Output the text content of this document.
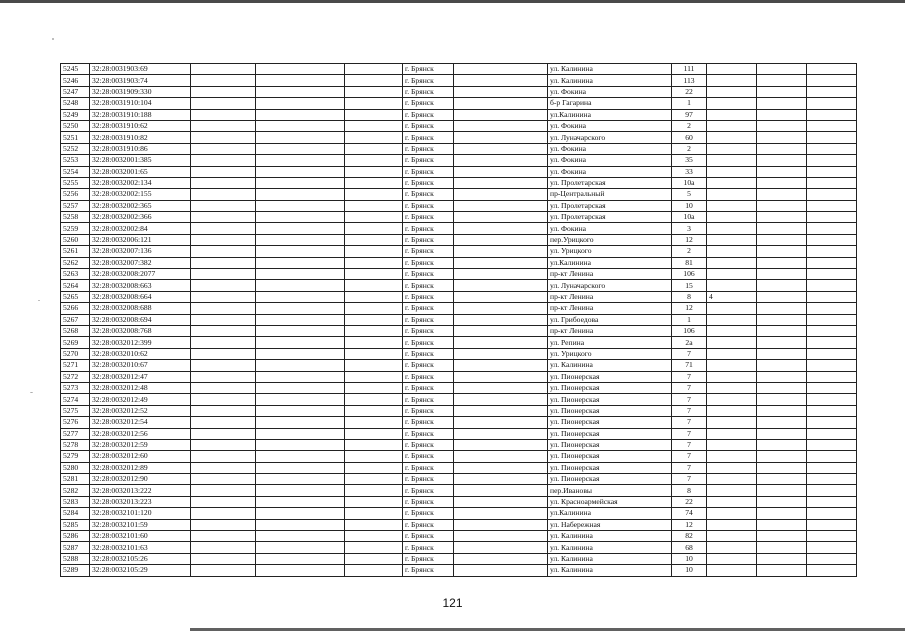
5245	32:28:0031903:69				г. Брянск		ул. Калинина	111			
5246	32:28:0031903:74				г. Брянск		ул. Калинина	113			
5247	32:28:0031909:330				г. Брянск		ул. Фокина	22			
5248	32:28:0031910:104				г. Брянск		б-р Гагарина	1			
5249	32:28:0031910:188				г. Брянск		ул.Калинина	97			
5250	32:28:0031910:62				г. Брянск		ул. Фокина	2			
5251	32:28:0031910:82				г. Брянск		ул. Луначарского	60			
5252	32:28:0031910:86				г. Брянск		ул. Фокина	2			
5253	32:28:0032001:385				г. Брянск		ул. Фокина	35			
5254	32:28:0032001:65				г. Брянск		ул. Фокина	33			
5255	32:28:0032002:134				г. Брянск		ул. Пролетарская	10а			
5256	32:28:0032002:155				г. Брянск		пр-Центральный	5			
5257	32:28:0032002:365				г. Брянск		ул. Пролетарская	10			
5258	32:28:0032002:366				г. Брянск		ул. Пролетарская	10а			
5259	32:28:0032002:84				г. Брянск		ул. Фокина	3			
5260	32:28:0032006:121				г. Брянск		пер.Урицкого	12			
5261	32:28:0032007:136				г. Брянск		ул. Урицкого	2			
5262	32:28:0032007:382				г. Брянск		ул.Калинина	81			
5263	32:28:0032008:2077				г. Брянск		пр-кт Ленина	106			
5264	32:28:0032008:663				г. Брянск		ул. Луначарского	15			
5265	32:28:0032008:664				г. Брянск		пр-кт Ленина	8	4		
5266	32:28:0032008:688				г. Брянск		пр-кт Ленина	12			
5267	32:28:0032008:694				г. Брянск		ул. Грибоедова	1			
5268	32:28:0032008:768				г. Брянск		пр-кт Ленина	106			
5269	32:28:0032012:399				г. Брянск		ул. Репина	2а			
5270	32:28:0032010:62				г. Брянск		ул. Урицкого	7			
5271	32:28:0032010:67				г. Брянск		ул. Калинина	71			
5272	32:28:0032012:47				г. Брянск		ул. Пионерская	7			
5273	32:28:0032012:48				г. Брянск		ул. Пионерская	7			
5274	32:28:0032012:49				г. Брянск		ул. Пионерская	7			
5275	32:28:0032012:52				г. Брянск		ул. Пионерская	7			
5276	32:28:0032012:54				г. Брянск		ул. Пионерская	7			
5277	32:28:0032012:56				г. Брянск		ул. Пионерская	7			
5278	32:28:0032012:59				г. Брянск		ул. Пионерская	7			
5279	32:28:0032012:60				г. Брянск		ул. Пионерская	7			
5280	32:28:0032012:89				г. Брянск		ул. Пионерская	7			
5281	32:28:0032012:90				г. Брянск		ул. Пионерская	7			
5282	32:28:0032013:222				г. Брянск		пер.Ивановы	8			
5283	32:28:0032013:223				г. Брянск		ул. Красноармейская	22			
5284	32:28:0032101:120				г. Брянск		ул.Калинина	74			
5285	32:28:0032101:59				г. Брянск		ул. Набережная	12			
5286	32:28:0032101:60				г. Брянск		ул. Калинина	82			
5287	32:28:0032101:63				г. Брянск		ул. Калинина	68			
5288	32:28:0032105:26				г. Брянск		ул. Калинина	10			
5289	32:28:0032105:29				г. Брянск		ул. Калинина	10			
121
